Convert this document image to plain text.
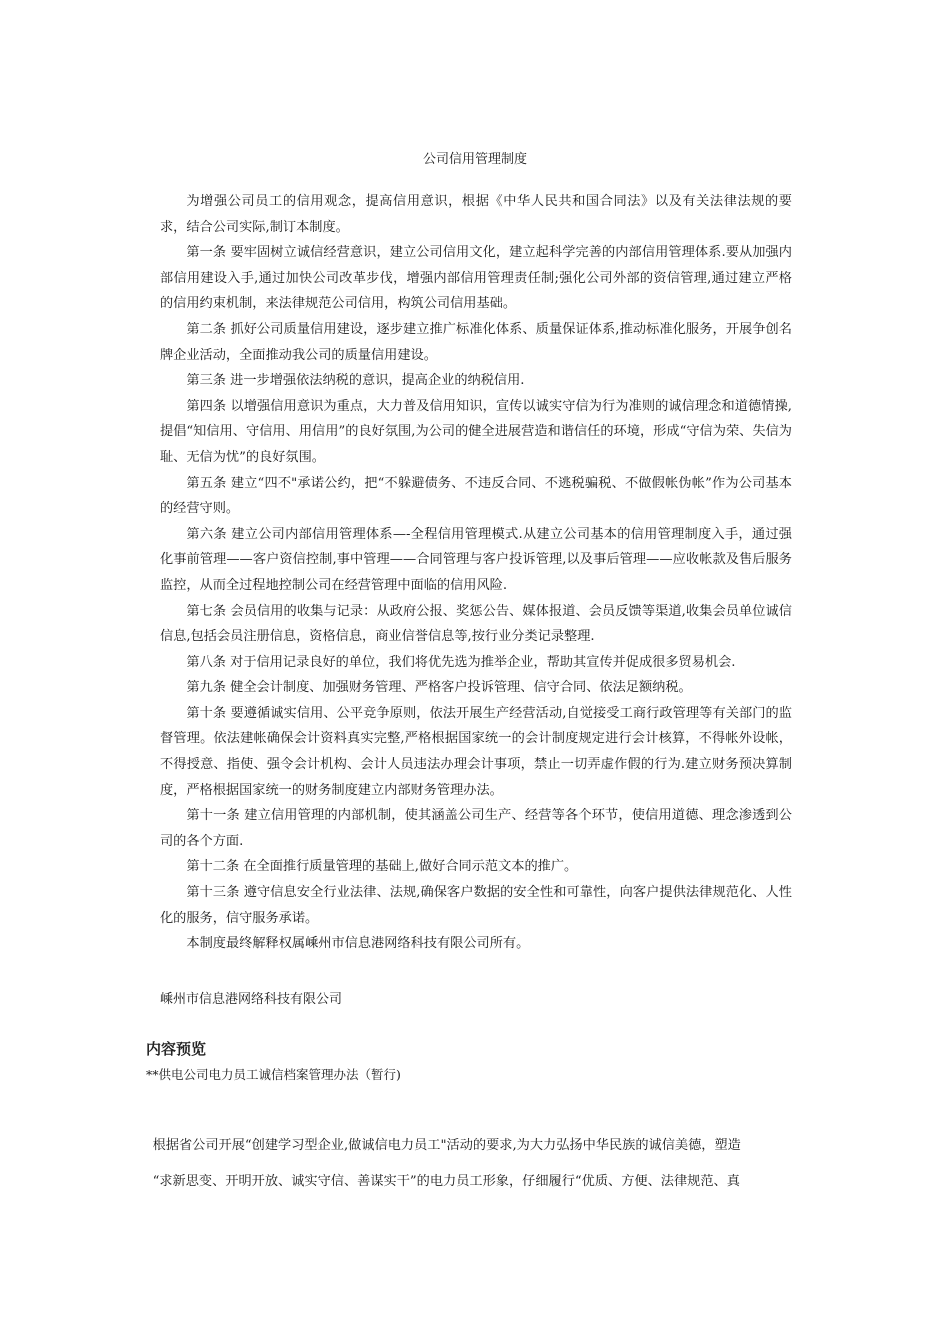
公司信用管理制度

为增强公司员工的信用观念，提高信用意识，根据《中华人民共和国合同法》以及有关法律法规的要求，结合公司实际,制订本制度。

第一条 要牢固树立诚信经营意识，建立公司信用文化，建立起科学完善的内部信用管理体系.要从加强内部信用建设入手,通过加快公司改革步伐，增强内部信用管理责任制;强化公司外部的资信管理,通过建立严格的信用约束机制，来法律规范公司信用，构筑公司信用基础。

第二条 抓好公司质量信用建设，逐步建立推广标准化体系、质量保证体系,推动标准化服务，开展争创名牌企业活动，全面推动我公司的质量信用建设。

第三条 进一步增强依法纳税的意识，提高企业的纳税信用.

第四条 以增强信用意识为重点，大力普及信用知识，宣传以诚实守信为行为准则的诚信理念和道德情操,提倡“知信用、守信用、用信用”的良好氛围,为公司的健全进展营造和谐信任的环境，形成“守信为荣、失信为耻、无信为忧”的良好氛围。

第五条 建立“四不"承诺公约，把“不躲避债务、不违反合同、不逃税骗税、不做假帐伪帐”作为公司基本的经营守则。

第六条 建立公司内部信用管理体系—-全程信用管理模式.从建立公司基本的信用管理制度入手，通过强化事前管理——客户资信控制,事中管理——合同管理与客户投诉管理,以及事后管理——应收帐款及售后服务监控，从而全过程地控制公司在经营管理中面临的信用风险.

第七条 会员信用的收集与记录：从政府公报、奖惩公告、媒体报道、会员反馈等渠道,收集会员单位诚信信息,包括会员注册信息，资格信息，商业信誉信息等,按行业分类记录整理.

第八条 对于信用记录良好的单位，我们将优先选为推举企业，帮助其宣传并促成很多贸易机会.

第九条 健全会计制度、加强财务管理、严格客户投诉管理、信守合同、依法足额纳税。

第十条 要遵循诚实信用、公平竞争原则，依法开展生产经营活动,自觉接受工商行政管理等有关部门的监督管理。依法建帐确保会计资料真实完整,严格根据国家统一的会计制度规定进行会计核算，不得帐外设帐，不得授意、指使、强令会计机构、会计人员违法办理会计事项，禁止一切弄虚作假的行为.建立财务预决算制度，严格根据国家统一的财务制度建立内部财务管理办法。

第十一条 建立信用管理的内部机制，使其涵盖公司生产、经营等各个环节，使信用道德、理念渗透到公司的各个方面.

第十二条 在全面推行质量管理的基础上,做好合同示范文本的推广。

第十三条 遵守信息安全行业法律、法规,确保客户数据的安全性和可靠性，向客户提供法律规范化、人性化的服务，信守服务承诺。

本制度最终解释权属嵊州市信息港网络科技有限公司所有。

嵊州市信息港网络科技有限公司
内容预览
**供电公司电力员工诚信档案管理办法（暂行)

根据省公司开展“创建学习型企业,做诚信电力员工"活动的要求,为大力弘扬中华民族的诚信美德，塑造

“求新思变、开明开放、诚实守信、善谋实干”的电力员工形象，仔细履行“优质、方便、法律规范、真
